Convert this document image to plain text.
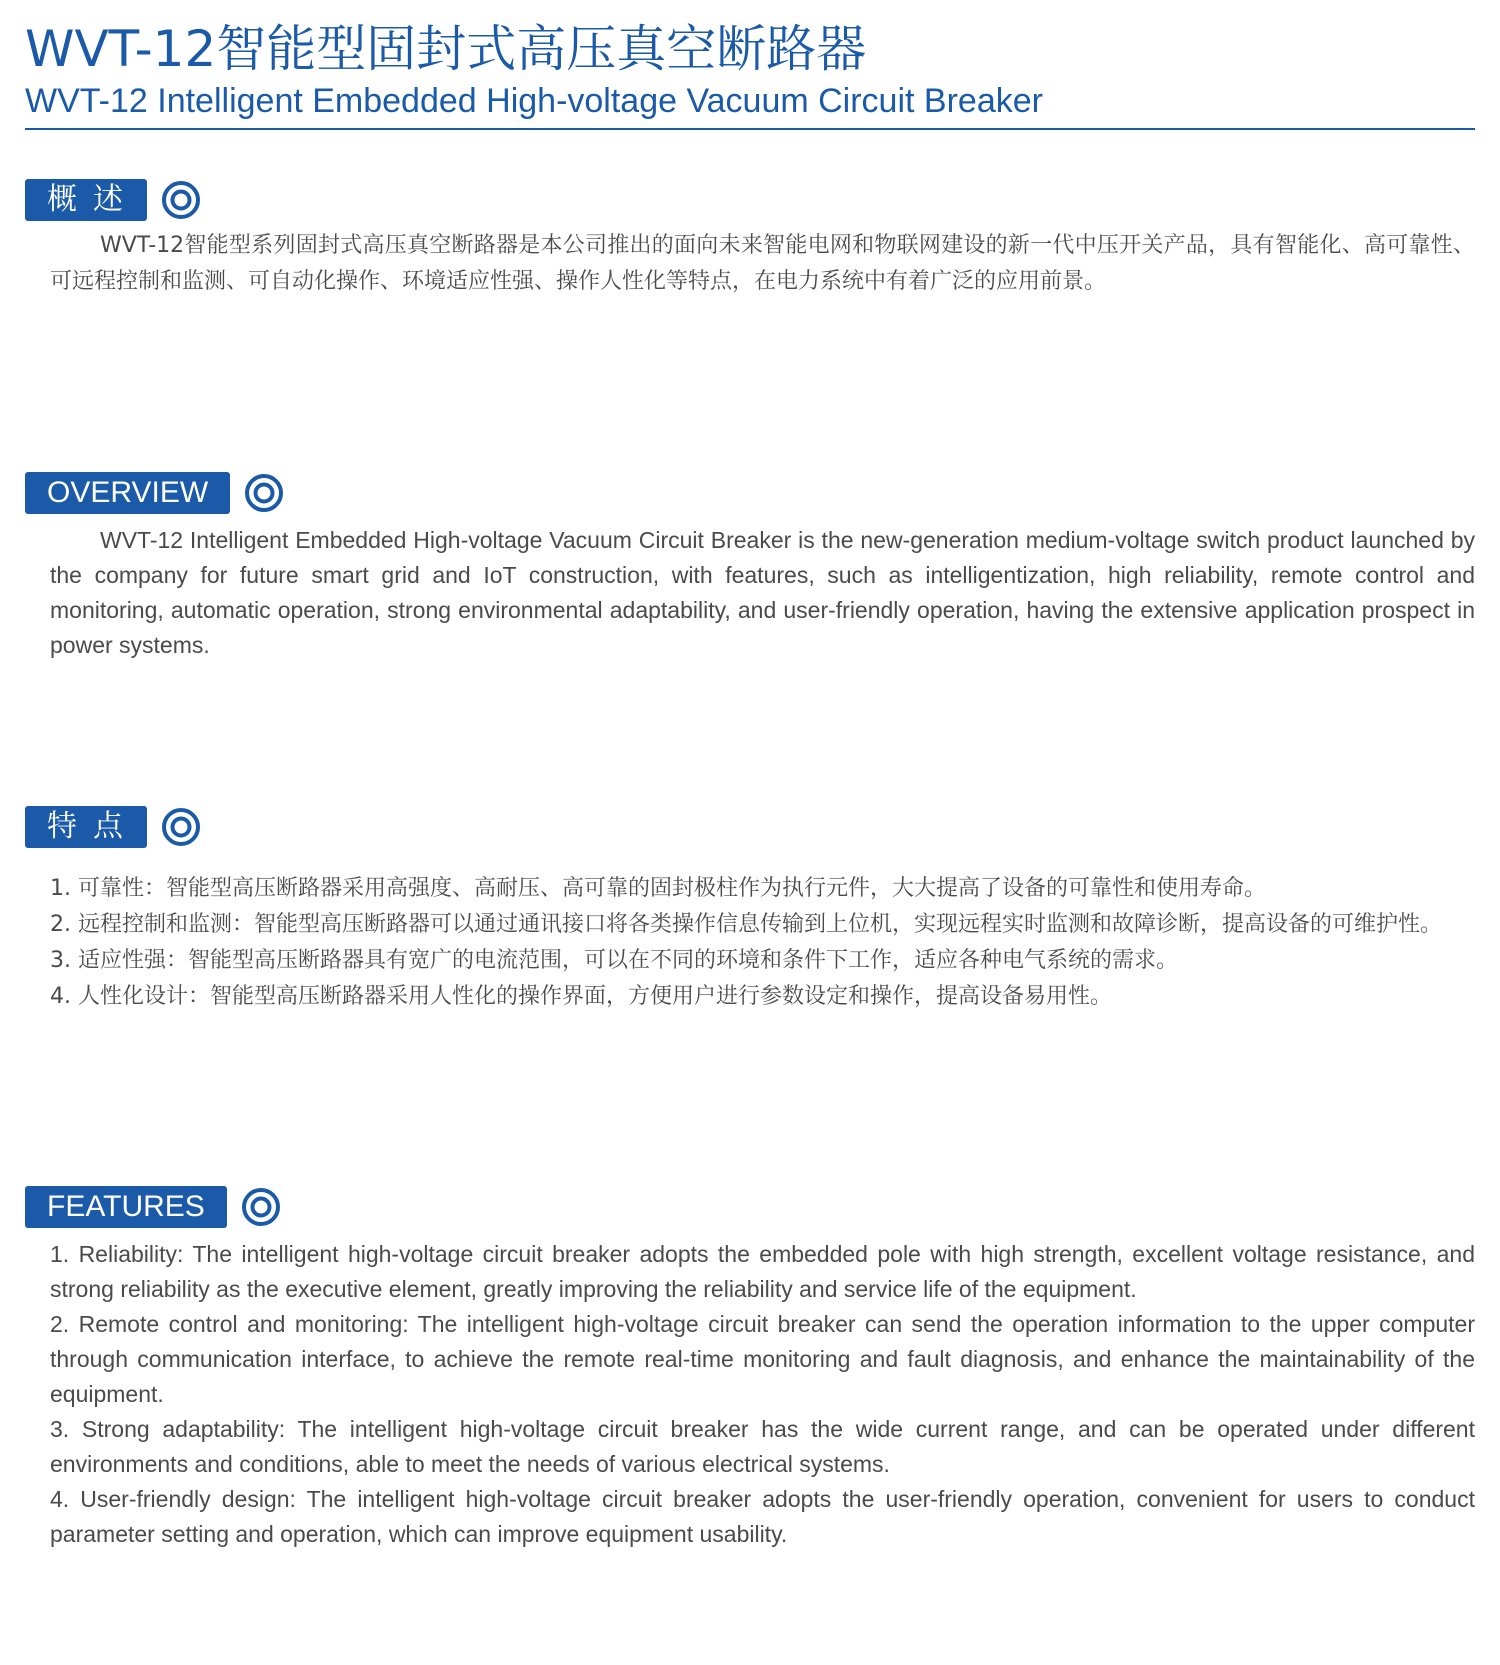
WVT-12智能型固封式高压真空断路器
WVT-12 Intelligent Embedded High-voltage Vacuum Circuit Breaker
概述

WVT-12智能型系列固封式高压真空断路器是本公司推出的面向未来智能电网和物联网建设的新一代中压开关产品，具有智能化、高可靠性、可远程控制和监测、可自动化操作、环境适应性强、操作人性化等特点，在电力系统中有着广泛的应用前景。

OVERVIEW

WVT-12 Intelligent Embedded High-voltage Vacuum Circuit Breaker is the new-generation medium-voltage switch product launched by the company for future smart grid and IoT construction, with features, such as intelligentization, high reliability, remote control and monitoring, automatic operation, strong environmental adaptability, and user-friendly operation, having the extensive application prospect in power systems.

特点

1. 可靠性：智能型高压断路器采用高强度、高耐压、高可靠的固封极柱作为执行元件，大大提高了设备的可靠性和使用寿命。

2. 远程控制和监测：智能型高压断路器可以通过通讯接口将各类操作信息传输到上位机，实现远程实时监测和故障诊断，提高设备的可维护性。

3. 适应性强：智能型高压断路器具有宽广的电流范围，可以在不同的环境和条件下工作，适应各种电气系统的需求。

4. 人性化设计：智能型高压断路器采用人性化的操作界面，方便用户进行参数设定和操作，提高设备易用性。

FEATURES

1. Reliability: The intelligent high-voltage circuit breaker adopts the embedded pole with high strength, excellent voltage resistance, and strong reliability as the executive element, greatly improving the reliability and service life of the equipment.

2. Remote control and monitoring: The intelligent high-voltage circuit breaker can send the operation information to the upper computer through communication interface, to achieve the remote real-time monitoring and fault diagnosis, and enhance the maintainability of the equipment.

3. Strong adaptability: The intelligent high-voltage circuit breaker has the wide current range, and can be operated under different environments and conditions, able to meet the needs of various electrical systems.

4. User-friendly design: The intelligent high-voltage circuit breaker adopts the user-friendly operation, convenient for users to conduct parameter setting and operation, which can improve equipment usability.
